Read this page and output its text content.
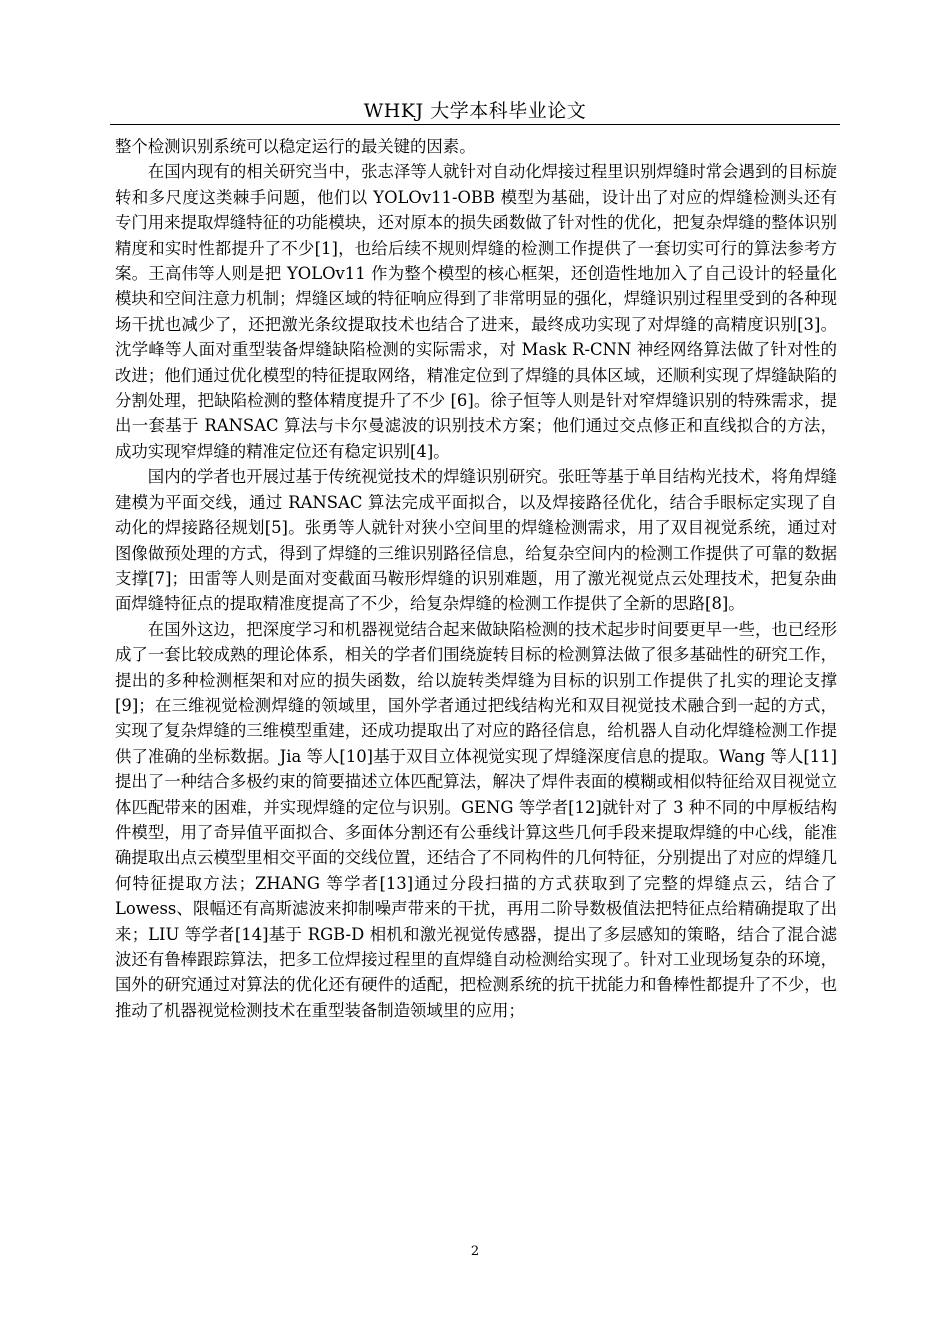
WHKJ 大学本科毕业论文

整个检测识别系统可以稳定运行的最关键的因素。

在国内现有的相关研究当中，张志泽等人就针对自动化焊接过程里识别焊缝时常会遇到的目标旋转和多尺度这类棘手问题，他们以 YOLOv11-OBB 模型为基础，设计出了对应的焊缝检测头还有专门用来提取焊缝特征的功能模块，还对原本的损失函数做了针对性的优化，把复杂焊缝的整体识别精度和实时性都提升了不少[1]，也给后续不规则焊缝的检测工作提供了一套切实可行的算法参考方案。王高伟等人则是把 YOLOv11 作为整个模型的核心框架，还创造性地加入了自己设计的轻量化模块和空间注意力机制；焊缝区域的特征响应得到了非常明显的强化，焊缝识别过程里受到的各种现场干扰也减少了，还把激光条纹提取技术也结合了进来，最终成功实现了对焊缝的高精度识别[3]。沈学峰等人面对重型装备焊缝缺陷检测的实际需求，对 Mask R-CNN 神经网络算法做了针对性的改进；他们通过优化模型的特征提取网络，精准定位到了焊缝的具体区域，还顺利实现了焊缝缺陷的分割处理，把缺陷检测的整体精度提升了不少 [6]。徐子恒等人则是针对窄焊缝识别的特殊需求，提出一套基于 RANSAC 算法与卡尔曼滤波的识别技术方案；他们通过交点修正和直线拟合的方法，成功实现窄焊缝的精准定位还有稳定识别[4]。

国内的学者也开展过基于传统视觉技术的焊缝识别研究。张旺等基于单目结构光技术，将角焊缝建模为平面交线，通过 RANSAC 算法完成平面拟合，以及焊接路径优化，结合手眼标定实现了自动化的焊接路径规划[5]。张勇等人就针对狭小空间里的焊缝检测需求，用了双目视觉系统，通过对图像做预处理的方式，得到了焊缝的三维识别路径信息，给复杂空间内的检测工作提供了可靠的数据支撑[7]；田雷等人则是面对变截面马鞍形焊缝的识别难题，用了激光视觉点云处理技术，把复杂曲面焊缝特征点的提取精准度提高了不少，给复杂焊缝的检测工作提供了全新的思路[8]。

在国外这边，把深度学习和机器视觉结合起来做缺陷检测的技术起步时间要更早一些，也已经形成了一套比较成熟的理论体系，相关的学者们围绕旋转目标的检测算法做了很多基础性的研究工作，提出的多种检测框架和对应的损失函数，给以旋转类焊缝为目标的识别工作提供了扎实的理论支撑[9]；在三维视觉检测焊缝的领域里，国外学者通过把线结构光和双目视觉技术融合到一起的方式，实现了复杂焊缝的三维模型重建，还成功提取出了对应的路径信息，给机器人自动化焊缝检测工作提供了准确的坐标数据。Jia 等人[10]基于双目立体视觉实现了焊缝深度信息的提取。Wang 等人[11]提出了一种结合多极约束的简要描述立体匹配算法，解决了焊件表面的模糊或相似特征给双目视觉立体匹配带来的困难，并实现焊缝的定位与识别。GENG 等学者[12]就针对了 3 种不同的中厚板结构件模型，用了奇异值平面拟合、多面体分割还有公垂线计算这些几何手段来提取焊缝的中心线，能准确提取出点云模型里相交平面的交线位置，还结合了不同构件的几何特征，分别提出了对应的焊缝几何特征提取方法；ZHANG 等学者[13]通过分段扫描的方式获取到了完整的焊缝点云，结合了 Lowess、限幅还有高斯滤波来抑制噪声带来的干扰，再用二阶导数极值法把特征点给精确提取了出来；LIU 等学者[14]基于 RGB-D 相机和激光视觉传感器，提出了多层感知的策略，结合了混合滤波还有鲁棒跟踪算法，把多工位焊接过程里的直焊缝自动检测给实现了。针对工业现场复杂的环境，国外的研究通过对算法的优化还有硬件的适配，把检测系统的抗干扰能力和鲁棒性都提升了不少，也推动了机器视觉检测技术在重型装备制造领域里的应用；

2
